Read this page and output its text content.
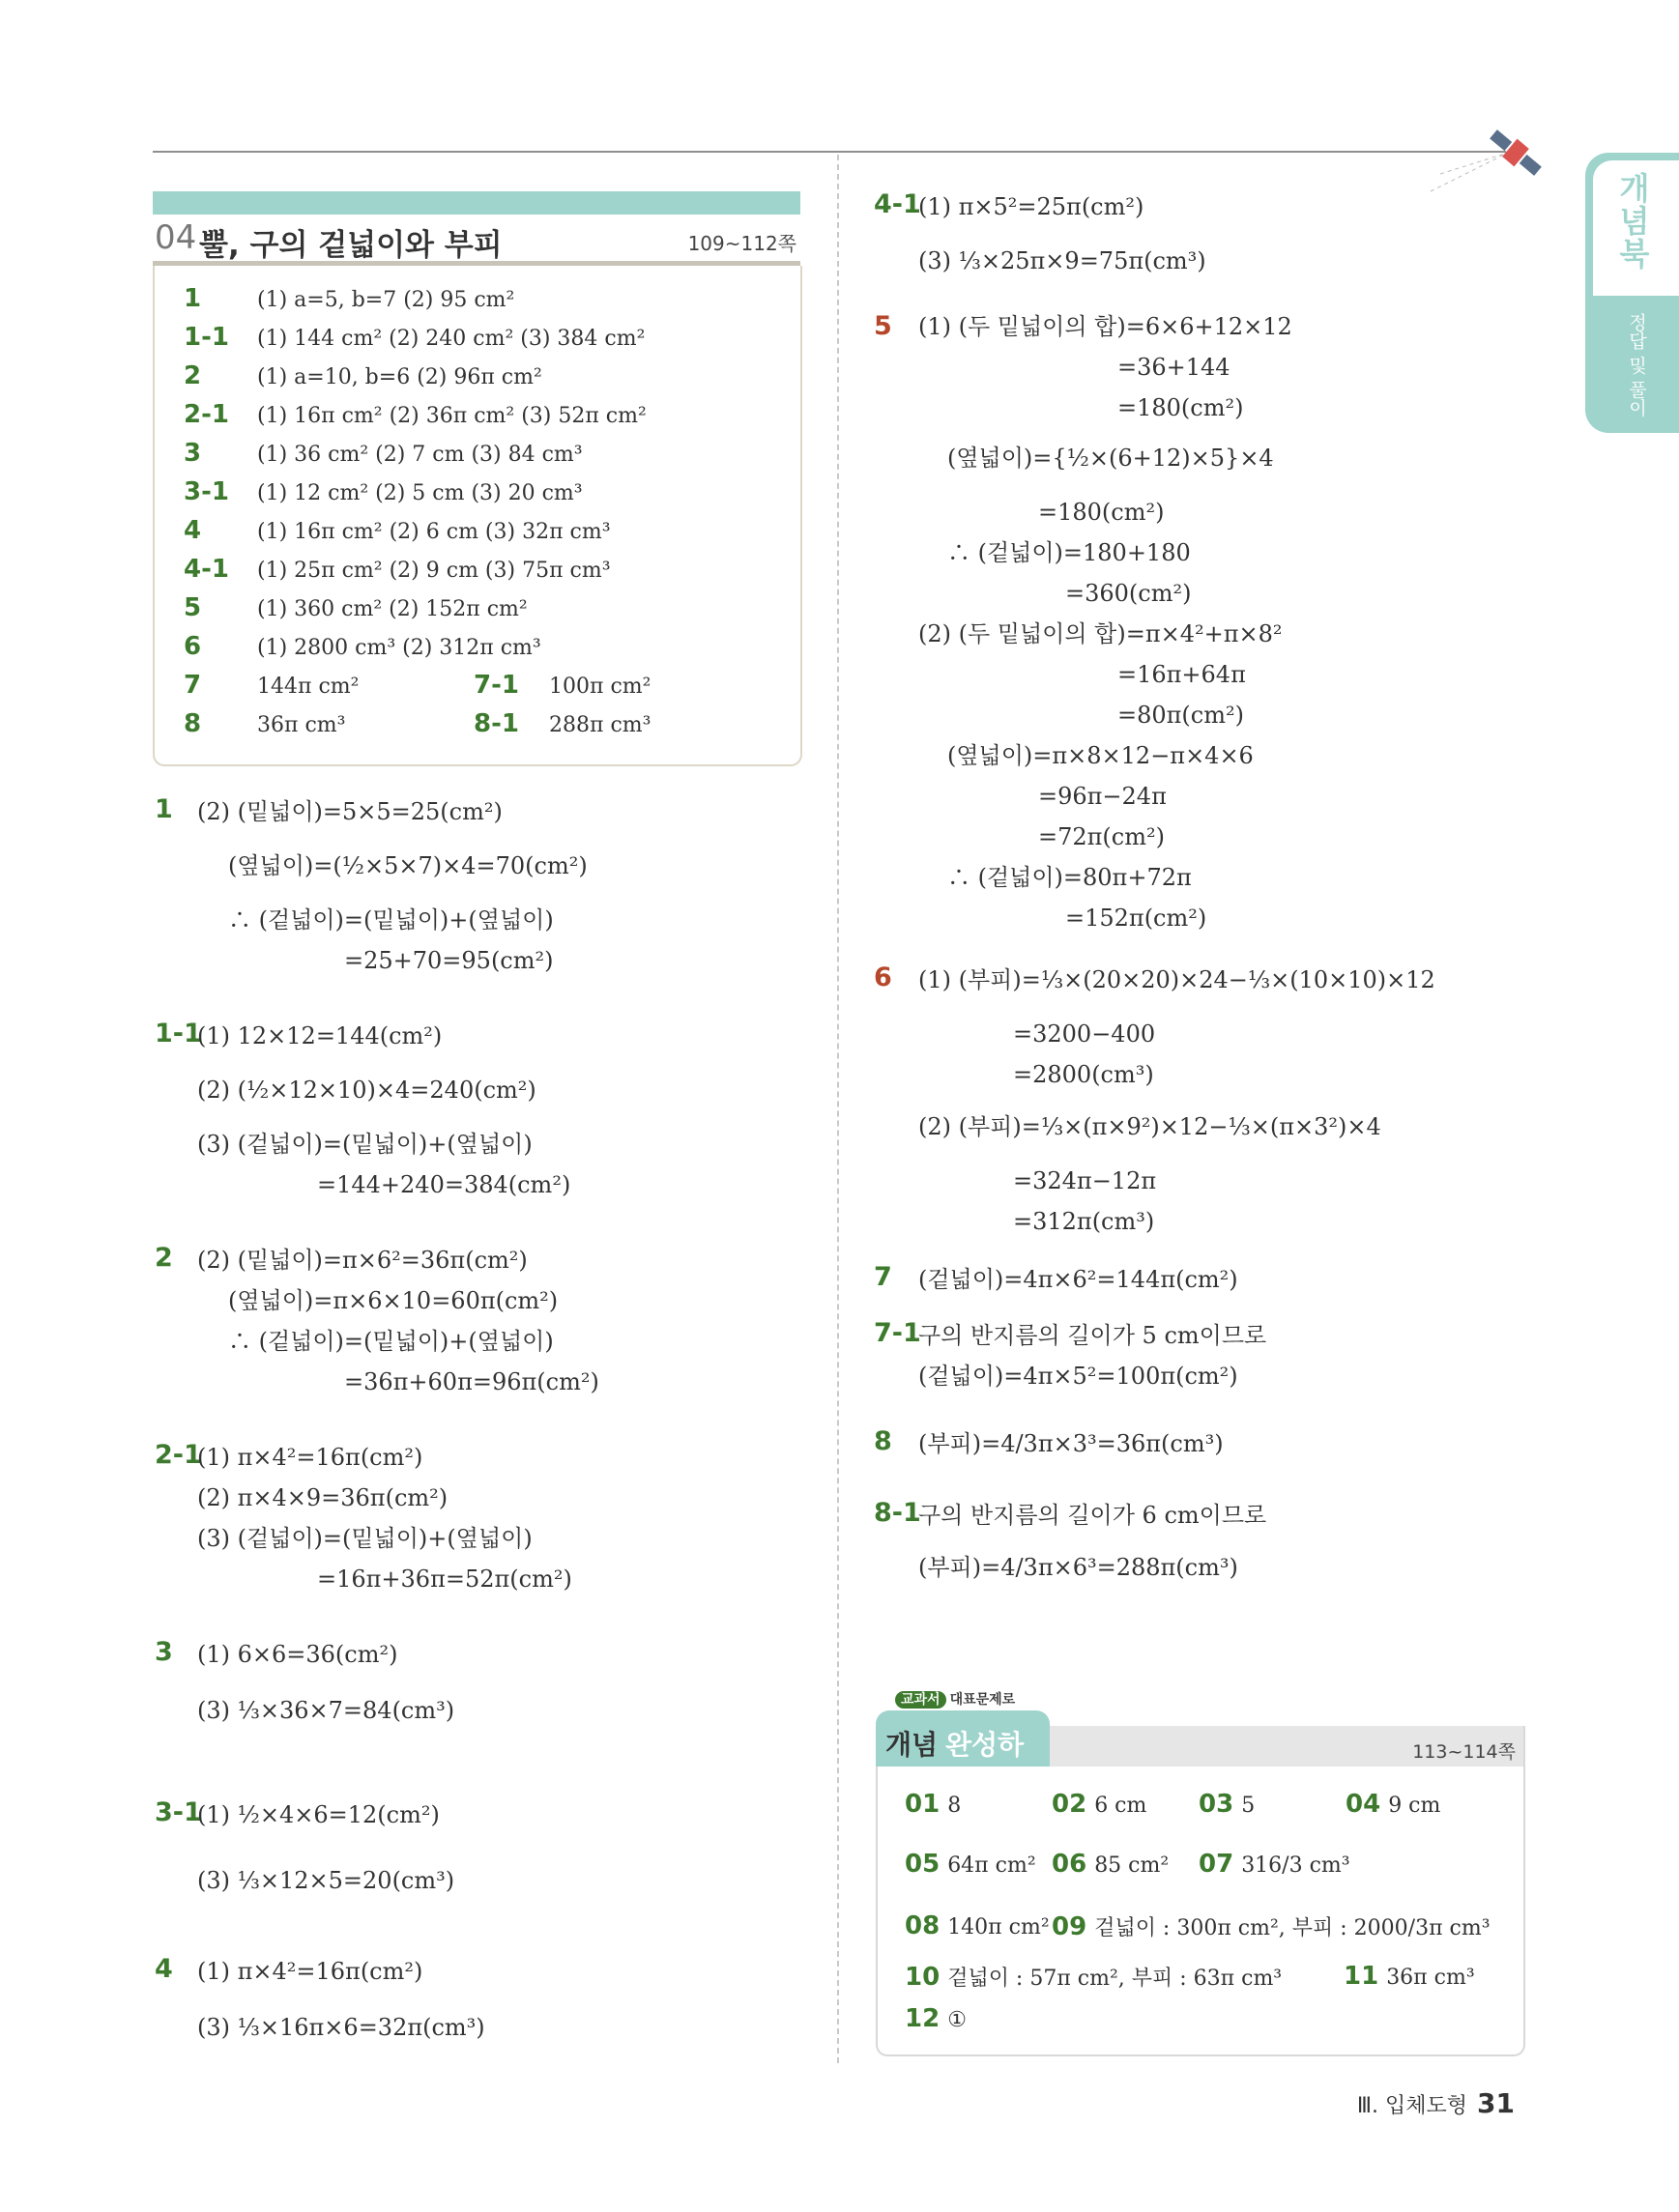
개념북
정답 및 풀이
04 뿔, 구의 겉넓이와 부피	109~112쪽
1	(1) a=5, b=7 (2) 95 cm²
1-1 (1) 144 cm² (2) 240 cm² (3) 384 cm²
2	(1) a=10, b=6 (2) 96π cm²
2-1 (1) 16π cm² (2) 36π cm² (3) 52π cm²
3	(1) 36 cm² (2) 7 cm (3) 84 cm³
3-1 (1) 12 cm² (2) 5 cm (3) 20 cm³
4	(1) 16π cm² (2) 6 cm (3) 32π cm³
4-1 (1) 25π cm² (2) 9 cm (3) 75π cm³
5	(1) 360 cm² (2) 152π cm²
6	(1) 2800 cm³ (2) 312π cm³
7	144π cm²	7-1 100π cm²
8	36π cm³	8-1 288π cm³
1 (2) (밑넓이)=5×5=25(cm²)
(옆넓이)=(½×5×7)×4=70(cm²)
∴ (겉넓이)=(밑넓이)+(옆넓이)
=25+70=95(cm²)
1-1
(1) 12×12=144(cm²)
(2) (½×12×10)×4=240(cm²)
(3) (겉넓이)=(밑넓이)+(옆넓이)
=144+240=384(cm²)
2 (2) (밑넓이)=π×6²=36π(cm²)
(옆넓이)=π×6×10=60π(cm²)
∴ (겉넓이)=(밑넓이)+(옆넓이)
=36π+60π=96π(cm²)
2-1
(1) π×4²=16π(cm²)
(2) π×4×9=36π(cm²)
(3) (겉넓이)=(밑넓이)+(옆넓이)
=16π+36π=52π(cm²)
3 (1) 6×6=36(cm²)
(3) ⅓×36×7=84(cm³)
3-1
(1) ½×4×6=12(cm²)
(3) ⅓×12×5=20(cm³)
4 (1) π×4²=16π(cm²)
(3) ⅓×16π×6=32π(cm³)
4-1
(1) π×5²=25π(cm²)
(3) ⅓×25π×9=75π(cm³)
5 (1) (두 밑넓이의 합)=6×6+12×12
=36+144
=180(cm²)
(옆넓이)={½×(6+12)×5}×4
=180(cm²)
∴ (겉넓이)=180+180
=360(cm²)
(2) (두 밑넓이의 합)=π×4²+π×8²
=16π+64π
=80π(cm²)
(옆넓이)=π×8×12−π×4×6
=96π−24π
=72π(cm²)
∴ (겉넓이)=80π+72π
=152π(cm²)
6 (1) (부피)=⅓×(20×20)×24−⅓×(10×10)×12
=3200−400
=2800(cm³)
(2) (부피)=⅓×(π×9²)×12−⅓×(π×3²)×4
=324π−12π
=312π(cm³)
7 (겉넓이)=4π×6²=144π(cm²)
7-1
구의 반지름의 길이가 5 cm이므로
(겉넓이)=4π×5²=100π(cm²)
8 (부피)=4/3π×3³=36π(cm³)
8-1
구의 반지름의 길이가 6 cm이므로
(부피)=4/3π×6³=288π(cm³)
113~114쪽
개념 완성하기
교과서 대표문제로
01 8	02 6 cm 03 5	04 9 cm
05 64π cm² 06 85 cm² 07 316/3 cm³
08 140π cm² 09 겉넓이 : 300π cm², 부피 : 2000/3π cm³
10 겉넓이 : 57π cm², 부피 : 63π cm³ 11 36π cm³
12 ①
Ⅲ. 입체도형 31
